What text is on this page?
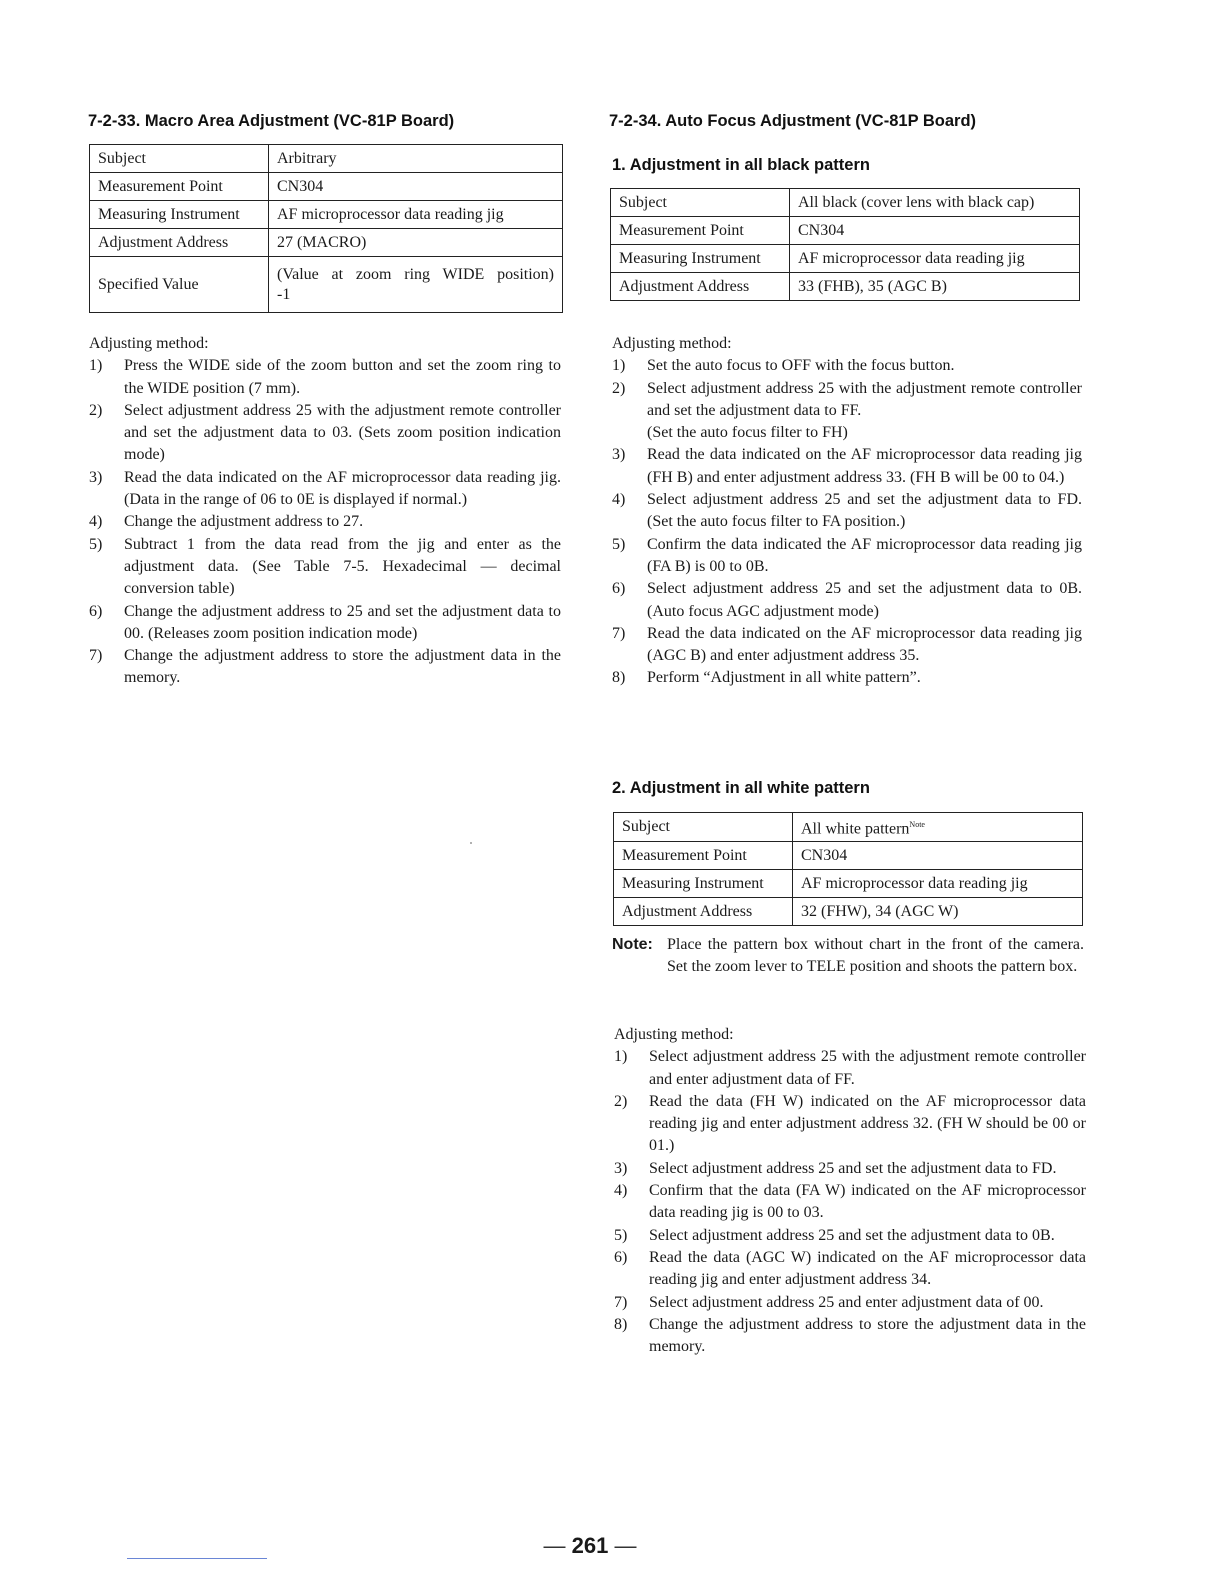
7-2-33. Macro Area Adjustment (VC-81P Board)
Subject	Arbitrary
Measurement Point	CN304
Measuring Instrument	AF microprocessor data reading jig
Adjustment Address	27 (MACRO)
Specified Value	(Value at zoom ring WIDE position)
-1
Adjusting method:
1) Press the WIDE side of the zoom button and set the zoom ring to the WIDE position (7 mm).
2) Select adjustment address 25 with the adjustment remote controller and set the adjustment data to 03. (Sets zoom position indication mode)
3) Read the data indicated on the AF microprocessor data reading jig. (Data in the range of 06 to 0E is displayed if normal.)
4) Change the adjustment address to 27.
5) Subtract 1 from the data read from the jig and enter as the adjustment data. (See Table 7-5. Hexadecimal — decimal conversion table)
6) Change the adjustment address to 25 and set the adjustment data to 00. (Releases zoom position indication mode)
7) Change the adjustment address to store the adjustment data in the memory.
7-2-34. Auto Focus Adjustment (VC-81P Board)
1. Adjustment in all black pattern
Subject	All black (cover lens with black cap)
Measurement Point	CN304
Measuring Instrument	AF microprocessor data reading jig
Adjustment Address	33 (FHB), 35 (AGC B)
Adjusting method:
1) Set the auto focus to OFF with the focus button.
2) Select adjustment address 25 with the adjustment remote controller and set the adjustment data to FF.
(Set the auto focus filter to FH)
3) Read the data indicated on the AF microprocessor data reading jig (FH B) and enter adjustment address 33. (FH B will be 00 to 04.)
4) Select adjustment address 25 and set the adjustment data to FD. (Set the auto focus filter to FA position.)
5) Confirm the data indicated the AF microprocessor data reading jig (FA B) is 00 to 0B.
6) Select adjustment address 25 and set the adjustment data to 0B. (Auto focus AGC adjustment mode)
7) Read the data indicated on the AF microprocessor data reading jig (AGC B) and enter adjustment address 35.
8) Perform “Adjustment in all white pattern”.
2. Adjustment in all white pattern
Subject	All white pattern$^{Note}$
Measurement Point	CN304
Measuring Instrument	AF microprocessor data reading jig
Adjustment Address	32 (FHW), 34 (AGC W)
Note: Place the pattern box without chart in the front of the camera. Set the zoom lever to TELE position and shoots the pattern box.
Adjusting method:
1) Select adjustment address 25 with the adjustment remote controller and enter adjustment data of FF.
2) Read the data (FH W) indicated on the AF microprocessor data reading jig and enter adjustment address 32. (FH W should be 00 or 01.)
3) Select adjustment address 25 and set the adjustment data to FD.
4) Confirm that the data (FA W) indicated on the AF microprocessor data reading jig is 00 to 03.
5) Select adjustment address 25 and set the adjustment data to 0B.
6) Read the data (AGC W) indicated on the AF microprocessor data reading jig and enter adjustment address 34.
7) Select adjustment address 25 and enter adjustment data of 00.
8) Change the adjustment address to store the adjustment data in the memory.
— 261 —
